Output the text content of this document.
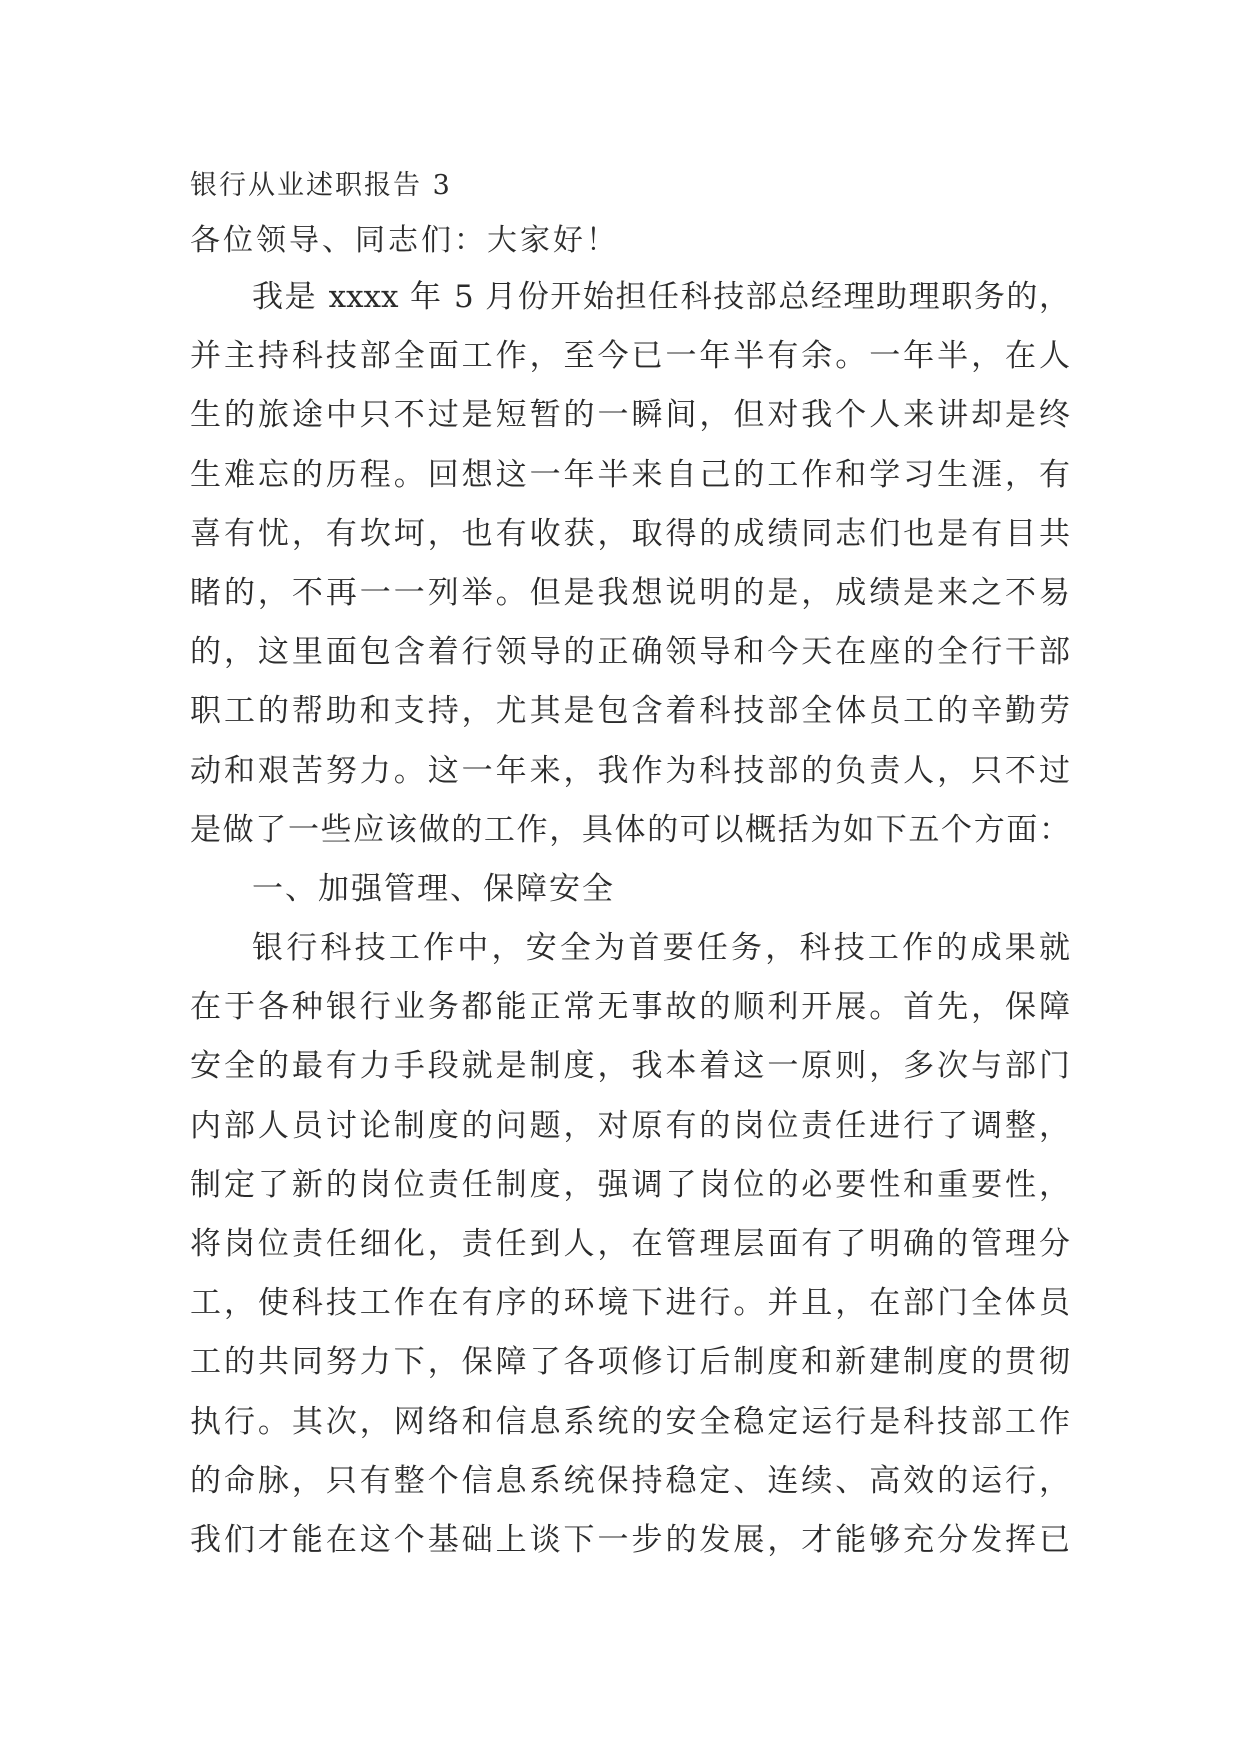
银行从业述职报告 3
各位领导、同志们：大家好！
我是 xxxx 年 5 月份开始担任科技部总经理助理职务的，
并主持科技部全面工作，至今已一年半有余。一年半，在人
生的旅途中只不过是短暂的一瞬间，但对我个人来讲却是终
生难忘的历程。回想这一年半来自己的工作和学习生涯，有
喜有忧，有坎坷，也有收获，取得的成绩同志们也是有目共
睹的，不再一一列举。但是我想说明的是，成绩是来之不易
的，这里面包含着行领导的正确领导和今天在座的全行干部
职工的帮助和支持，尤其是包含着科技部全体员工的辛勤劳
动和艰苦努力。这一年来，我作为科技部的负责人，只不过
是做了一些应该做的工作，具体的可以概括为如下五个方面：
一、加强管理、保障安全
银行科技工作中，安全为首要任务，科技工作的成果就
在于各种银行业务都能正常无事故的顺利开展。首先，保障
安全的最有力手段就是制度，我本着这一原则，多次与部门
内部人员讨论制度的问题，对原有的岗位责任进行了调整，
制定了新的岗位责任制度，强调了岗位的必要性和重要性，
将岗位责任细化，责任到人，在管理层面有了明确的管理分
工，使科技工作在有序的环境下进行。并且，在部门全体员
工的共同努力下，保障了各项修订后制度和新建制度的贯彻
执行。其次，网络和信息系统的安全稳定运行是科技部工作
的命脉，只有整个信息系统保持稳定、连续、高效的运行，
我们才能在这个基础上谈下一步的发展，才能够充分发挥已
